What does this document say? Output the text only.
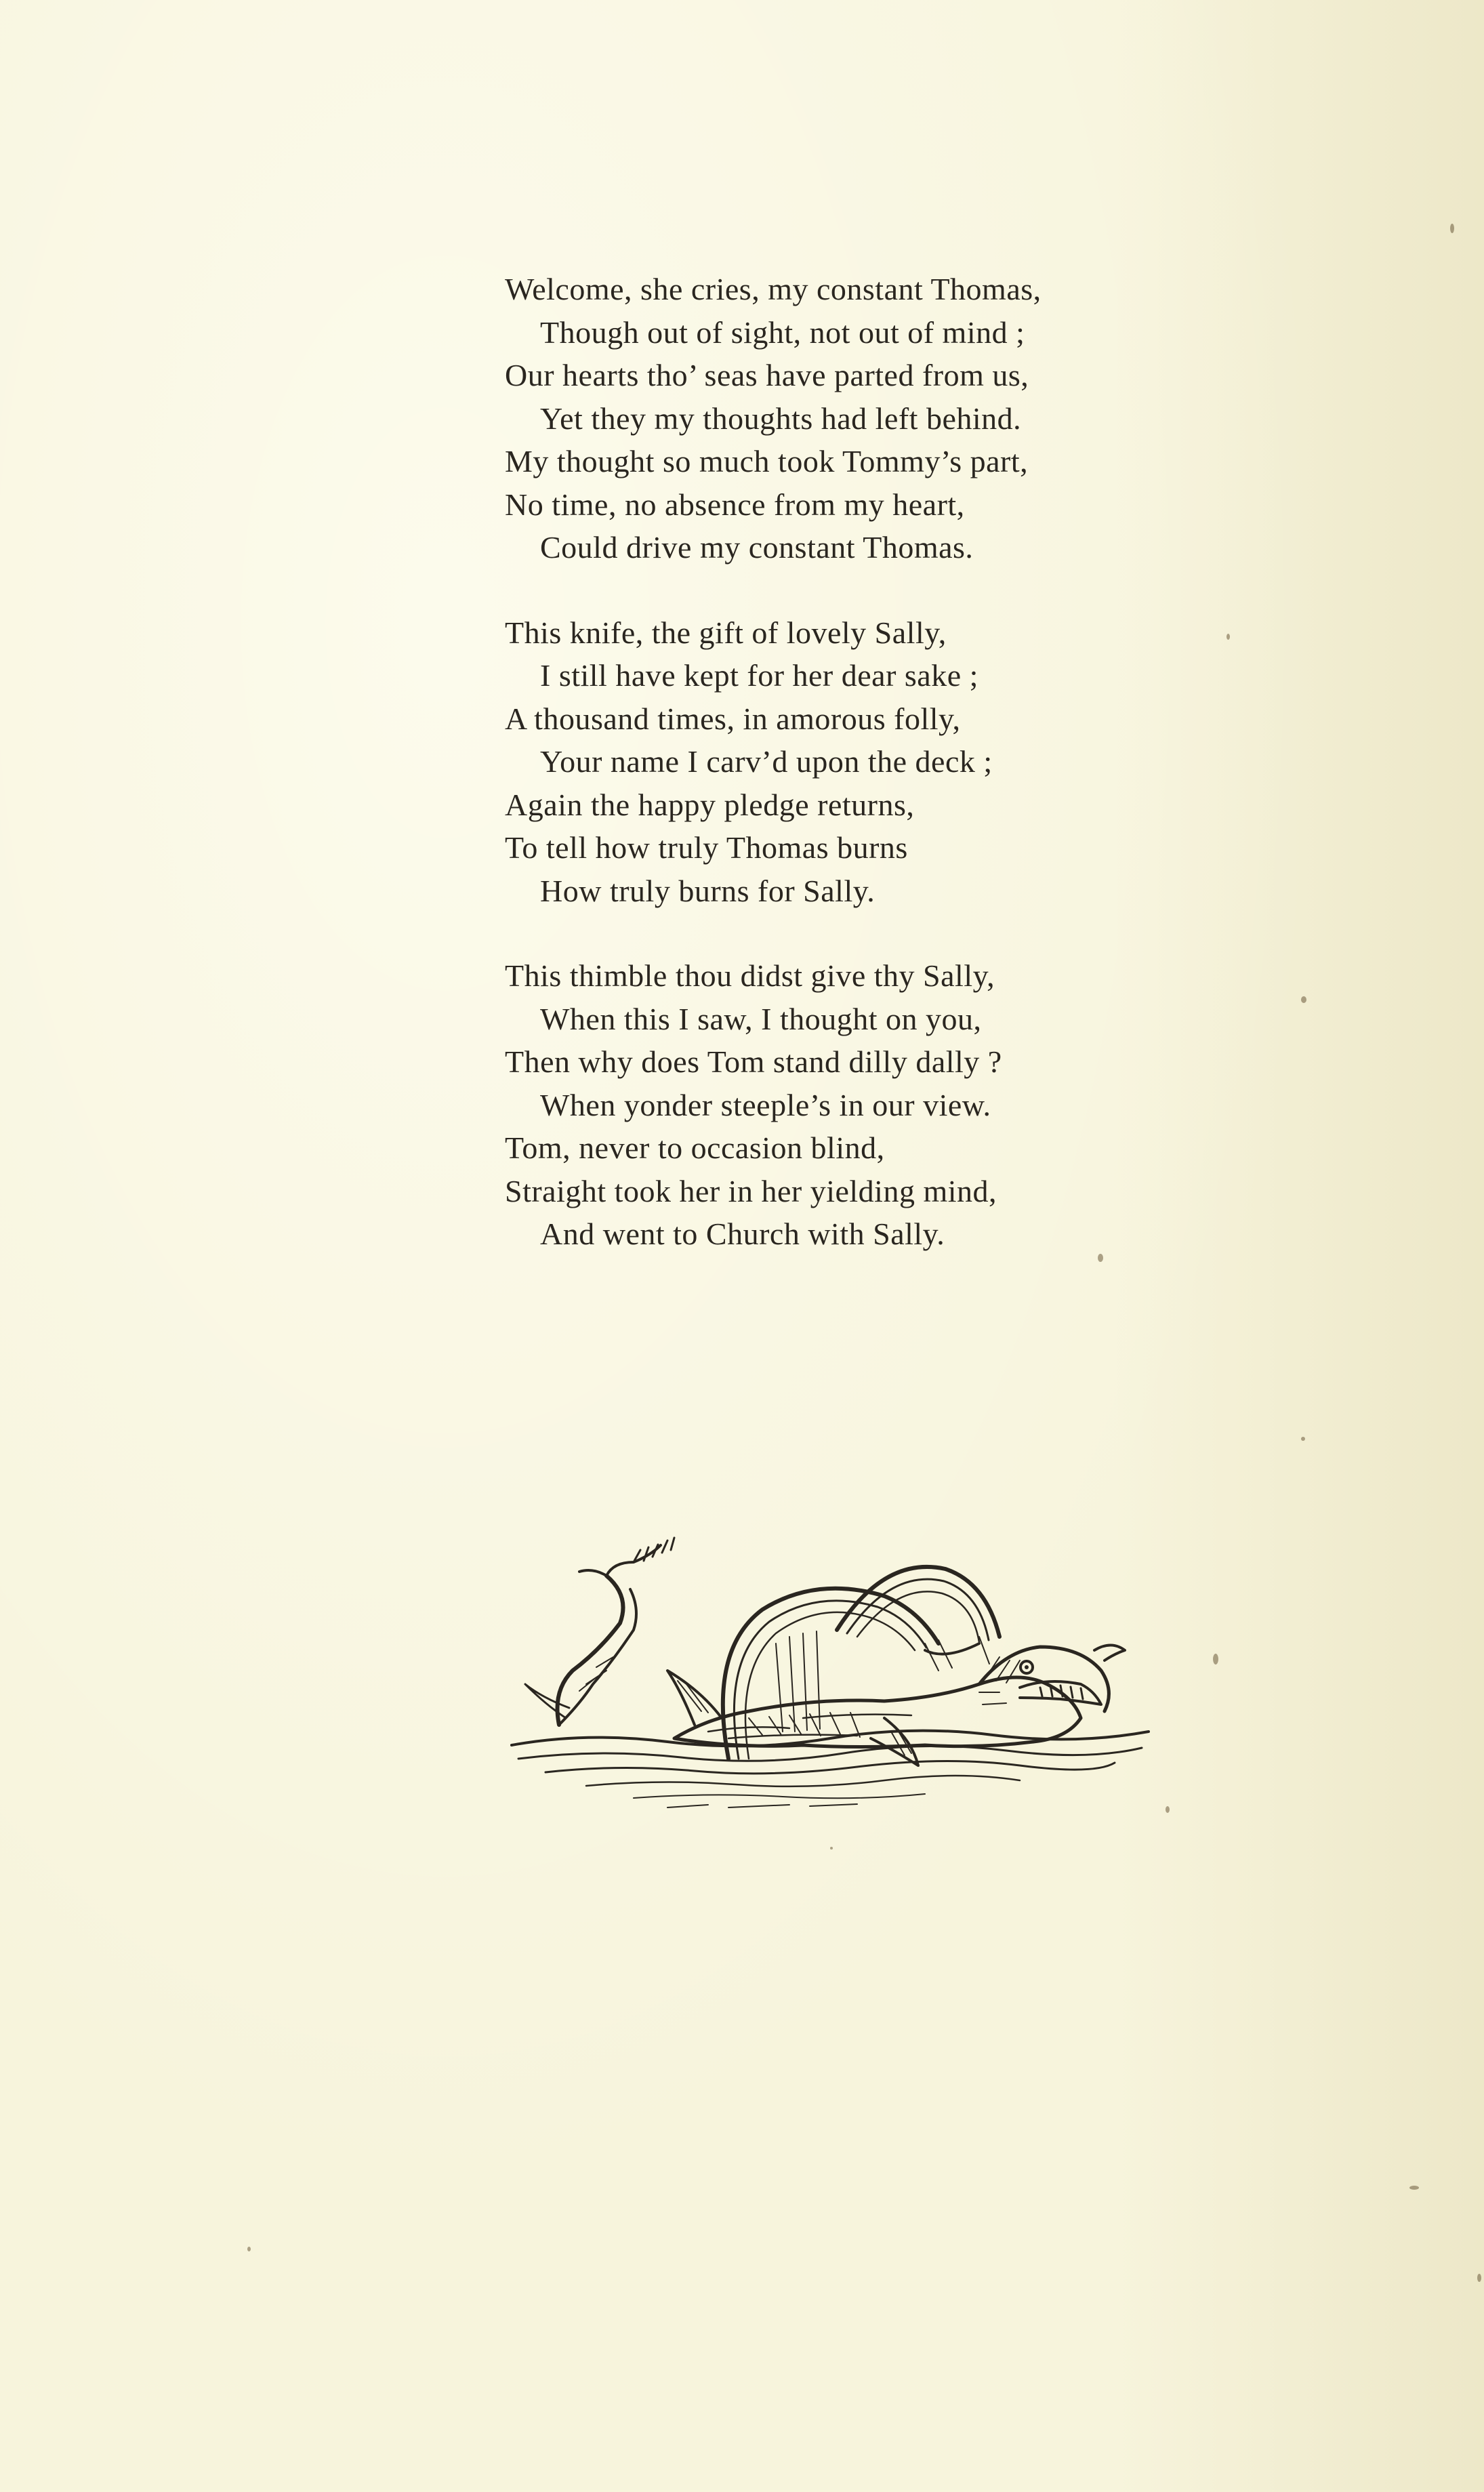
Welcome, she cries, my constant Thomas,
Though out of sight, not out of mind ;
Our hearts tho’ seas have parted from us,
Yet they my thoughts had left behind.
My thought so much took Tommy’s part,
No time, no absence from my heart,
Could drive my constant Thomas.
This knife, the gift of lovely Sally,
I still have kept for her dear sake ;
A thousand times, in amorous folly,
Your name I carv’d upon the deck ;
Again the happy pledge returns,
To tell how truly Thomas burns
How truly burns for Sally.
This thimble thou didst give thy Sally,
When this I saw, I thought on you,
Then why does Tom stand dilly dally ?
When yonder steeple’s in our view.
Tom, never to occasion blind,
Straight took her in her yielding mind,
And went to Church with Sally.
